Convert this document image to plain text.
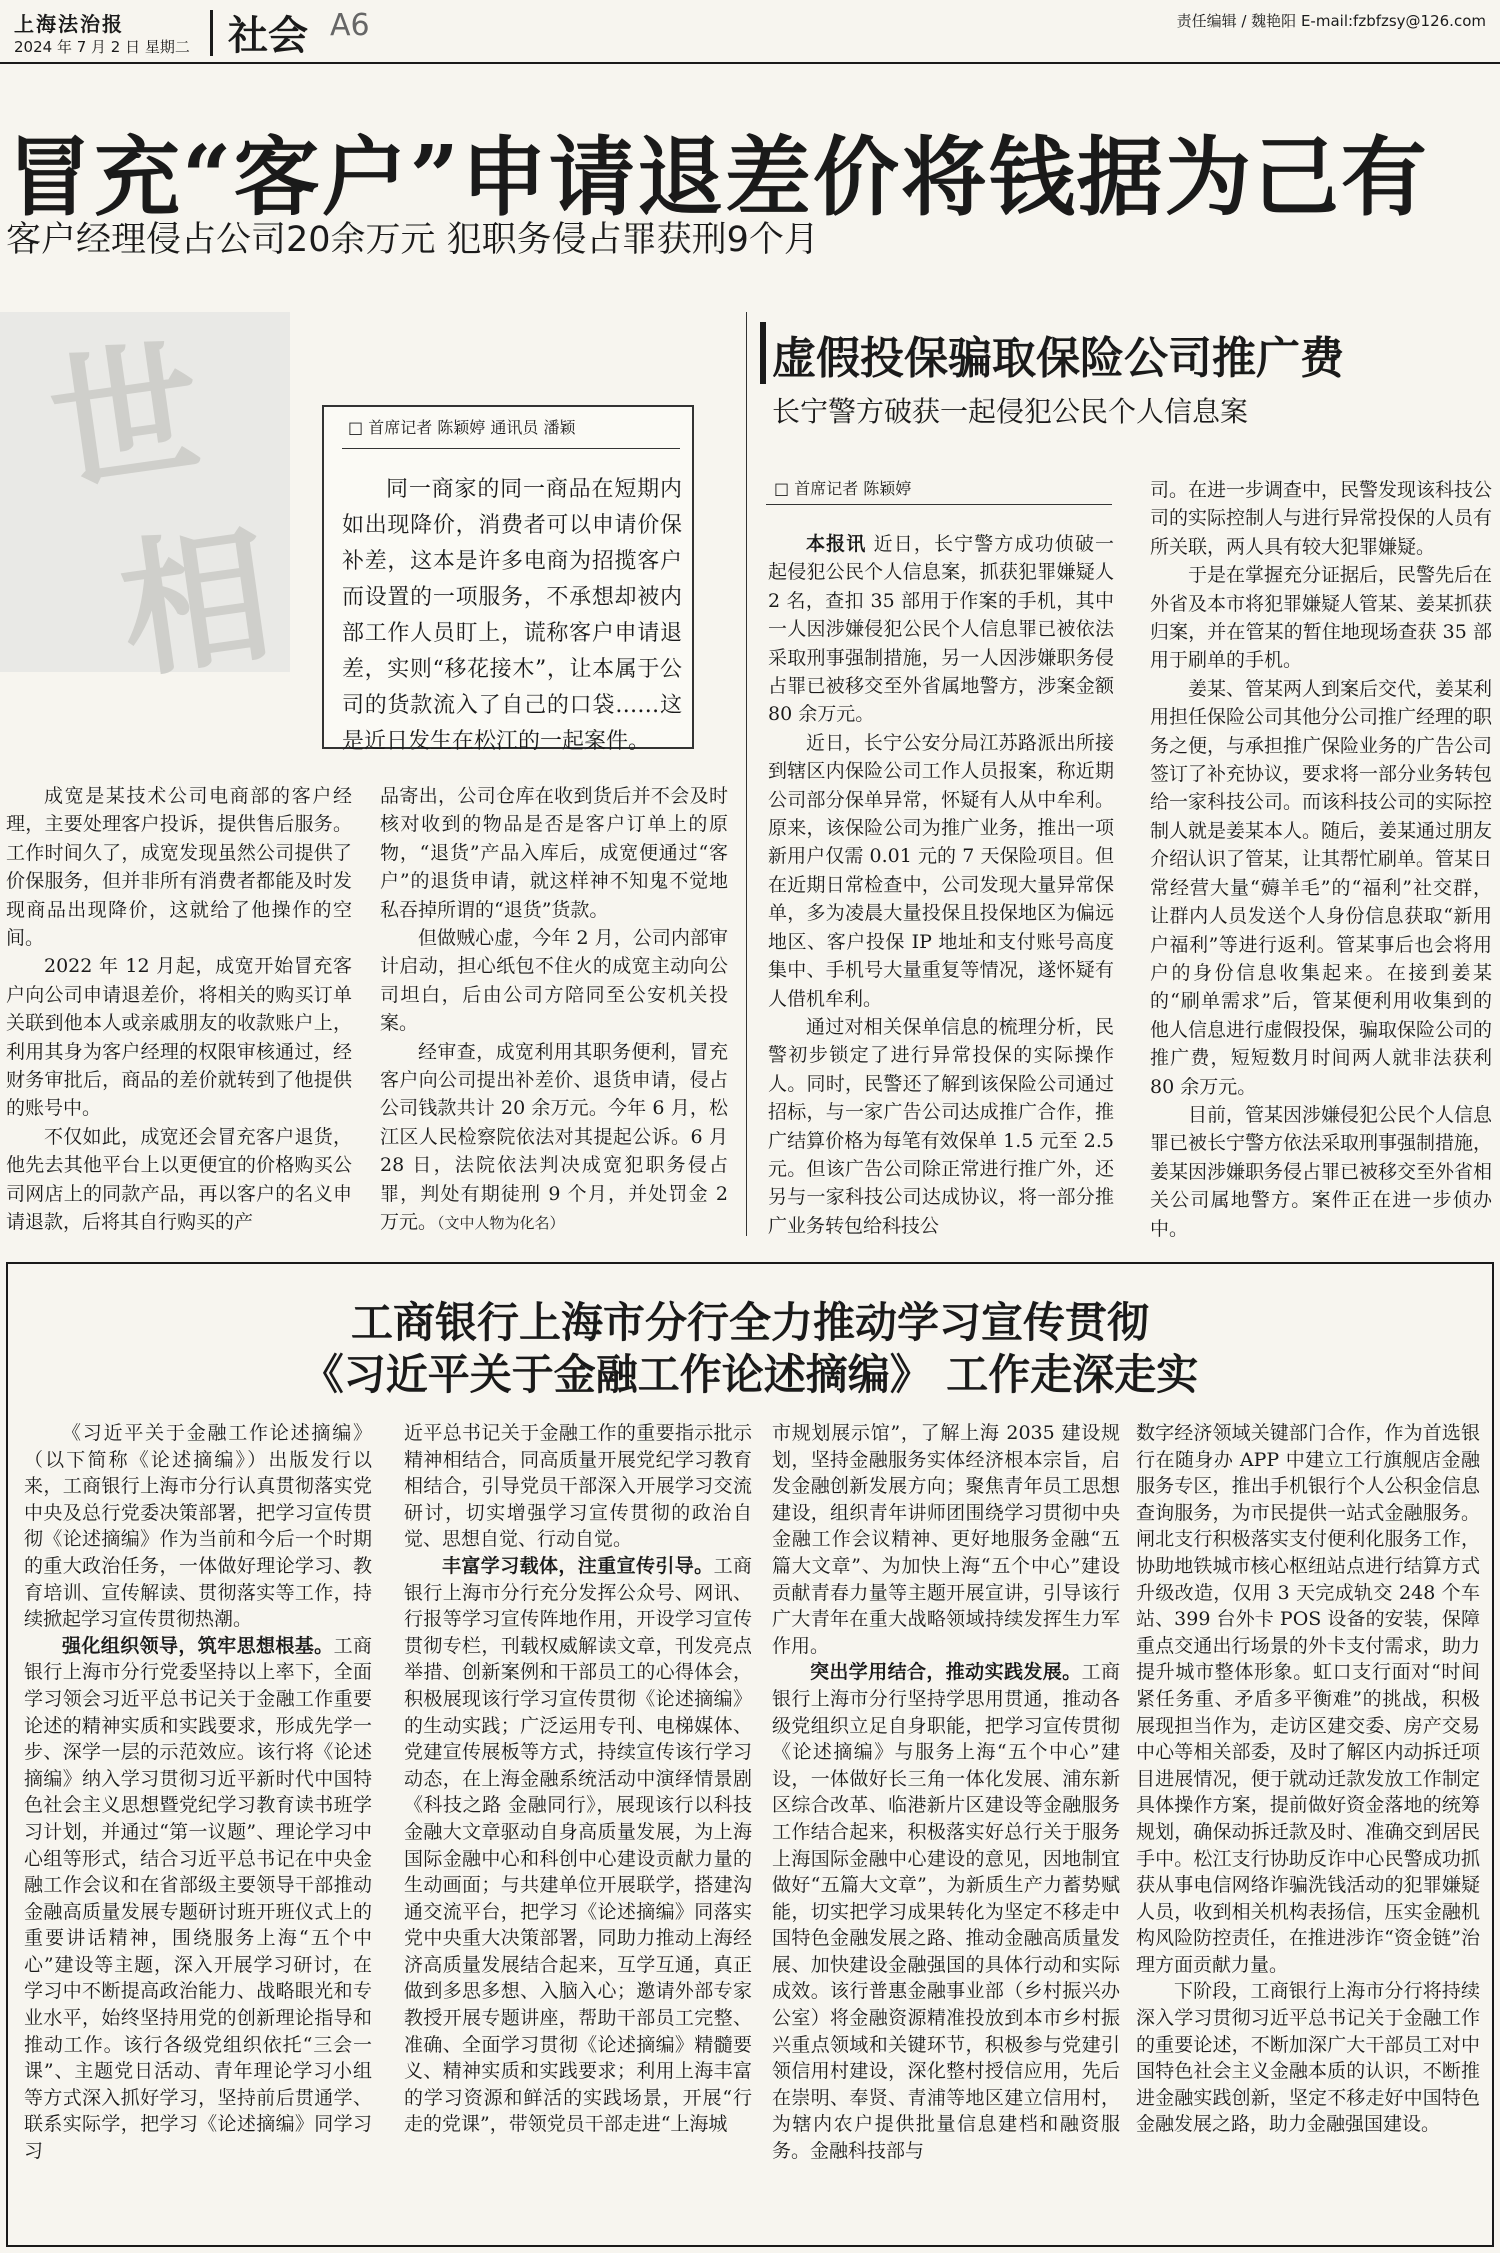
上海法治报
2024 年 7 月 2 日 星期二 社会 A6	责任编辑 / 魏艳阳 E-mail:fzbfzsy@126.com
冒充“客户”申请退差价将钱据为己有
客户经理侵占公司20余万元 犯职务侵占罪获刑9个月
世
相
□ 首席记者 陈颖婷 通讯员 潘颖
同一商家的同一商品在短期内如出现降价，消费者可以申请价保补差，这本是许多电商为招揽客户而设置的一项服务，不承想却被内部工作人员盯上，谎称客户申请退差，实则“移花接木”，让本属于公司的货款流入了自己的口袋……这是近日发生在松江的一起案件。

成宽是某技术公司电商部的客户经理，主要处理客户投诉，提供售后服务。工作时间久了，成宽发现虽然公司提供了价保服务，但并非所有消费者都能及时发现商品出现降价，这就给了他操作的空间。

2022 年 12 月起，成宽开始冒充客户向公司申请退差价，将相关的购买订单关联到他本人或亲戚朋友的收款账户上，利用其身为客户经理的权限审核通过，经财务审批后，商品的差价就转到了他提供的账号中。

不仅如此，成宽还会冒充客户退货，他先去其他平台上以更便宜的价格购买公司网店上的同款产品，再以客户的名义申请退款，后将其自行购买的产

品寄出，公司仓库在收到货后并不会及时核对收到的物品是否是客户订单上的原物，“退货”产品入库后，成宽便通过“客户”的退货申请，就这样神不知鬼不觉地私吞掉所谓的“退货”货款。

但做贼心虚，今年 2 月，公司内部审计启动，担心纸包不住火的成宽主动向公司坦白，后由公司方陪同至公安机关投案。

经审查，成宽利用其职务便利，冒充客户向公司提出补差价、退货申请，侵占公司钱款共计 20 余万元。今年 6 月，松江区人民检察院依法对其提起公诉。6 月 28 日，法院依法判决成宽犯职务侵占罪，判处有期徒刑 9 个月，并处罚金 2 万元。（文中人物为化名）

虚假投保骗取保险公司推广费
长宁警方破获一起侵犯公民个人信息案
□ 首席记者 陈颖婷

本报讯 近日，长宁警方成功侦破一起侵犯公民个人信息案，抓获犯罪嫌疑人 2 名，查扣 35 部用于作案的手机，其中一人因涉嫌侵犯公民个人信息罪已被依法采取刑事强制措施，另一人因涉嫌职务侵占罪已被移交至外省属地警方，涉案金额 80 余万元。

近日，长宁公安分局江苏路派出所接到辖区内保险公司工作人员报案，称近期公司部分保单异常，怀疑有人从中牟利。原来，该保险公司为推广业务，推出一项新用户仅需 0.01 元的 7 天保险项目。但在近期日常检查中，公司发现大量异常保单，多为凌晨大量投保且投保地区为偏远地区、客户投保 IP 地址和支付账号高度集中、手机号大量重复等情况，遂怀疑有人借机牟利。

通过对相关保单信息的梳理分析，民警初步锁定了进行异常投保的实际操作人。同时，民警还了解到该保险公司通过招标，与一家广告公司达成推广合作，推广结算价格为每笔有效保单 1.5 元至 2.5 元。但该广告公司除正常进行推广外，还另与一家科技公司达成协议，将一部分推广业务转包给科技公

司。在进一步调查中，民警发现该科技公司的实际控制人与进行异常投保的人员有所关联，两人具有较大犯罪嫌疑。

于是在掌握充分证据后，民警先后在外省及本市将犯罪嫌疑人管某、姜某抓获归案，并在管某的暂住地现场查获 35 部用于刷单的手机。

姜某、管某两人到案后交代，姜某利用担任保险公司其他分公司推广经理的职务之便，与承担推广保险业务的广告公司签订了补充协议，要求将一部分业务转包给一家科技公司。而该科技公司的实际控制人就是姜某本人。随后，姜某通过朋友介绍认识了管某，让其帮忙刷单。管某日常经营大量“薅羊毛”的“福利”社交群，让群内人员发送个人身份信息获取“新用户福利”等进行返利。管某事后也会将用户的身份信息收集起来。在接到姜某的“刷单需求”后，管某便利用收集到的他人信息进行虚假投保，骗取保险公司的推广费，短短数月时间两人就非法获利 80 余万元。

目前，管某因涉嫌侵犯公民个人信息罪已被长宁警方依法采取刑事强制措施，姜某因涉嫌职务侵占罪已被移交至外省相关公司属地警方。案件正在进一步侦办中。

工商银行上海市分行全力推动学习宣传贯彻
《习近平关于金融工作论述摘编》 工作走深走实

《习近平关于金融工作论述摘编》（以下简称《论述摘编》）出版发行以来，工商银行上海市分行认真贯彻落实党中央及总行党委决策部署，把学习宣传贯彻《论述摘编》作为当前和今后一个时期的重大政治任务，一体做好理论学习、教育培训、宣传解读、贯彻落实等工作，持续掀起学习宣传贯彻热潮。

强化组织领导，筑牢思想根基。工商银行上海市分行党委坚持以上率下，全面学习领会习近平总书记关于金融工作重要论述的精神实质和实践要求，形成先学一步、深学一层的示范效应。该行将《论述摘编》纳入学习贯彻习近平新时代中国特色社会主义思想暨党纪学习教育读书班学习计划，并通过“第一议题”、理论学习中心组等形式，结合习近平总书记在中央金融工作会议和在省部级主要领导干部推动金融高质量发展专题研讨班开班仪式上的重要讲话精神，围绕服务上海“五个中心”建设等主题，深入开展学习研讨，在学习中不断提高政治能力、战略眼光和专业水平，始终坚持用党的创新理论指导和推动工作。该行各级党组织依托“三会一课”、主题党日活动、青年理论学习小组等方式深入抓好学习，坚持前后贯通学、联系实际学，把学习《论述摘编》同学习习

近平总书记关于金融工作的重要指示批示精神相结合，同高质量开展党纪学习教育相结合，引导党员干部深入开展学习交流研讨，切实增强学习宣传贯彻的政治自觉、思想自觉、行动自觉。

丰富学习载体，注重宣传引导。工商银行上海市分行充分发挥公众号、网讯、行报等学习宣传阵地作用，开设学习宣传贯彻专栏，刊载权威解读文章，刊发亮点举措、创新案例和干部员工的心得体会，积极展现该行学习宣传贯彻《论述摘编》的生动实践；广泛运用专刊、电梯媒体、党建宣传展板等方式，持续宣传该行学习动态，在上海金融系统活动中演绎情景剧《科技之路 金融同行》，展现该行以科技金融大文章驱动自身高质量发展，为上海国际金融中心和科创中心建设贡献力量的生动画面；与共建单位开展联学，搭建沟通交流平台，把学习《论述摘编》同落实党中央重大决策部署，同助力推动上海经济高质量发展结合起来，互学互通，真正做到多思多想、入脑入心；邀请外部专家教授开展专题讲座，帮助干部员工完整、准确、全面学习贯彻《论述摘编》精髓要义、精神实质和实践要求；利用上海丰富的学习资源和鲜活的实践场景，开展“行走的党课”，带领党员干部走进“上海城

市规划展示馆”，了解上海 2035 建设规划，坚持金融服务实体经济根本宗旨，启发金融创新发展方向；聚焦青年员工思想建设，组织青年讲师团围绕学习贯彻中央金融工作会议精神、更好地服务金融“五篇大文章”、为加快上海“五个中心”建设贡献青春力量等主题开展宣讲，引导该行广大青年在重大战略领域持续发挥生力军作用。

突出学用结合，推动实践发展。工商银行上海市分行坚持学思用贯通，推动各级党组织立足自身职能，把学习宣传贯彻《论述摘编》与服务上海“五个中心”建设，一体做好长三角一体化发展、浦东新区综合改革、临港新片区建设等金融服务工作结合起来，积极落实好总行关于服务上海国际金融中心建设的意见，因地制宜做好“五篇大文章”，为新质生产力蓄势赋能，切实把学习成果转化为坚定不移走中国特色金融发展之路、推动金融高质量发展、加快建设金融强国的具体行动和实际成效。该行普惠金融事业部（乡村振兴办公室）将金融资源精准投放到本市乡村振兴重点领域和关键环节，积极参与党建引领信用村建设，深化整村授信应用，先后在崇明、奉贤、青浦等地区建立信用村，为辖内农户提供批量信息建档和融资服务。金融科技部与

数字经济领域关键部门合作，作为首选银行在随身办 APP 中建立工行旗舰店金融服务专区，推出手机银行个人公积金信息查询服务，为市民提供一站式金融服务。闸北支行积极落实支付便利化服务工作，协助地铁城市核心枢纽站点进行结算方式升级改造，仅用 3 天完成轨交 248 个车站、399 台外卡 POS 设备的安装，保障重点交通出行场景的外卡支付需求，助力提升城市整体形象。虹口支行面对“时间紧任务重、矛盾多平衡难”的挑战，积极展现担当作为，走访区建交委、房产交易中心等相关部委，及时了解区内动拆迁项目进展情况，便于就动迁款发放工作制定具体操作方案，提前做好资金落地的统筹规划，确保动拆迁款及时、准确交到居民手中。松江支行协助反诈中心民警成功抓获从事电信网络诈骗洗钱活动的犯罪嫌疑人员，收到相关机构表扬信，压实金融机构风险防控责任，在推进涉诈“资金链”治理方面贡献力量。

下阶段，工商银行上海市分行将持续深入学习贯彻习近平总书记关于金融工作的重要论述，不断加深广大干部员工对中国特色社会主义金融本质的认识，不断推进金融实践创新，坚定不移走好中国特色金融发展之路，助力金融强国建设。
